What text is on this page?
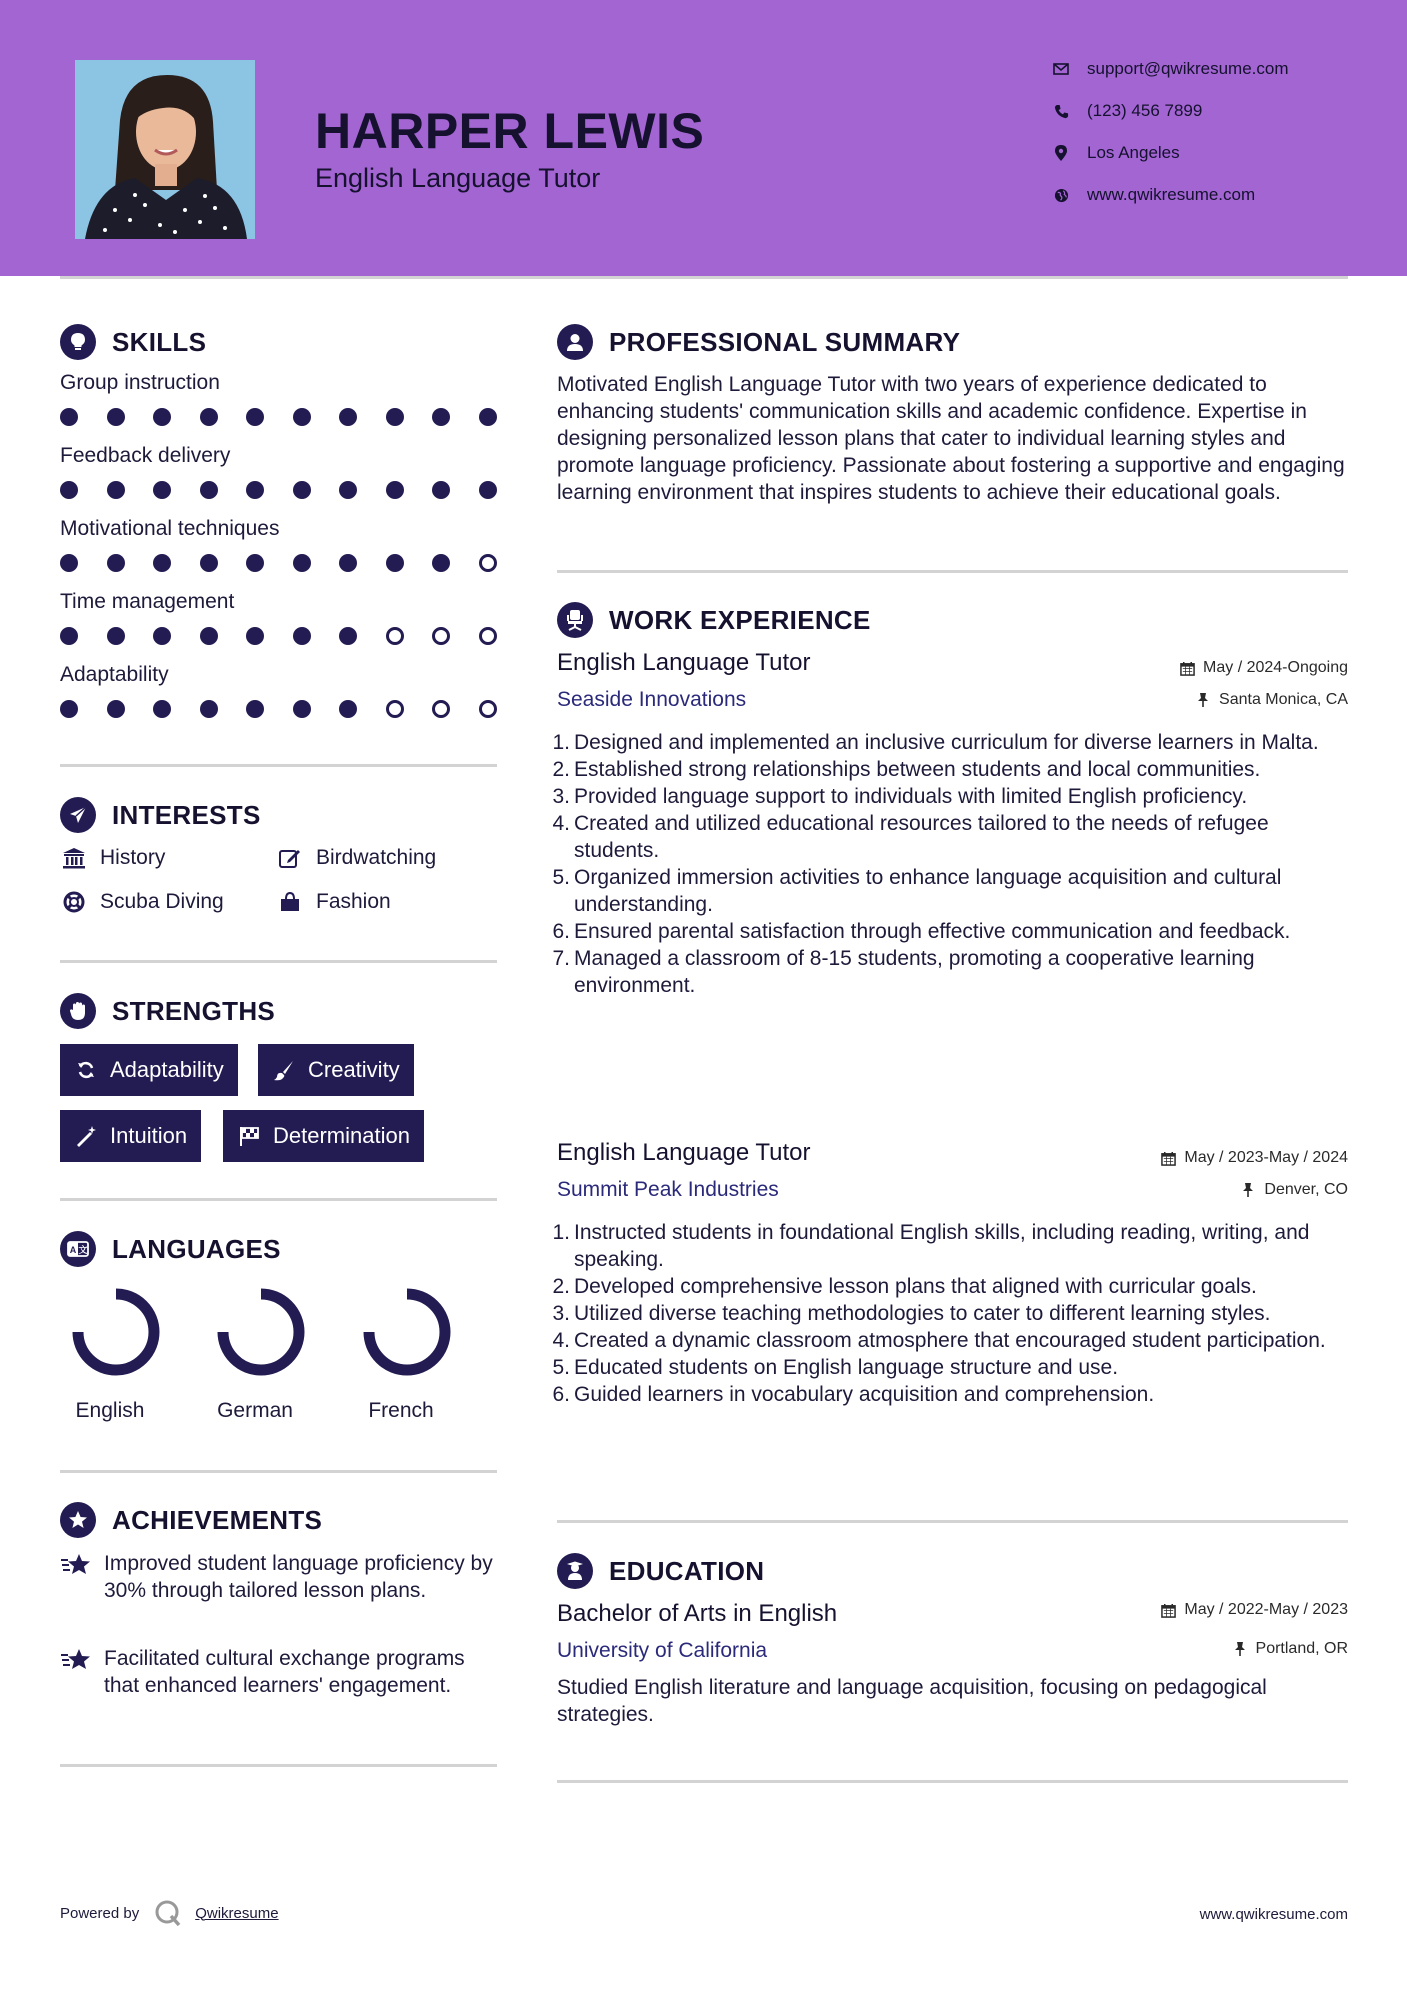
HARPER LEWIS
English Language Tutor
support@qwikresume.com
(123) 456 7899
Los Angeles
www.qwikresume.com
SKILLS
Group instruction
Feedback delivery
Motivational techniques
Time management
Adaptability
INTERESTS
History	Birdwatching
Scuba Diving	Fashion
STRENGTHS
Adaptability	Creativity
Intuition	Determination
A 文 LANGUAGES
English	German	French
ACHIEVEMENTS
Improved student language proficiency by 30% through tailored lesson plans.
Facilitated cultural exchange programs that enhanced learners' engagement.
PROFESSIONAL SUMMARY
Motivated English Language Tutor with two years of experience dedicated to enhancing students' communication skills and academic confidence. Expertise in designing personalized lesson plans that cater to individual learning styles and promote language proficiency. Passionate about fostering a supportive and engaging learning environment that inspires students to achieve their educational goals.
WORK EXPERIENCE
English Language Tutor	May / 2024-Ongoing
Seaside Innovations	Santa Monica, CA
Designed and implemented an inclusive curriculum for diverse learners in Malta.
Established strong relationships between students and local communities.
Provided language support to individuals with limited English proficiency.
Created and utilized educational resources tailored to the needs of refugee students.
Organized immersion activities to enhance language acquisition and cultural understanding.
Ensured parental satisfaction through effective communication and feedback.
Managed a classroom of 8-15 students, promoting a cooperative learning environment.
English Language Tutor	May / 2023-May / 2024
Summit Peak Industries	Denver, CO
Instructed students in foundational English skills, including reading, writing, and speaking.
Developed comprehensive lesson plans that aligned with curricular goals.
Utilized diverse teaching methodologies to cater to different learning styles.
Created a dynamic classroom atmosphere that encouraged student participation.
Educated students on English language structure and use.
Guided learners in vocabulary acquisition and comprehension.
EDUCATION
Bachelor of Arts in English	May / 2022-May / 2023
University of California	Portland, OR
Studied English literature and language acquisition, focusing on pedagogical strategies.
Powered by	Qwikresume	www.qwikresume.com
